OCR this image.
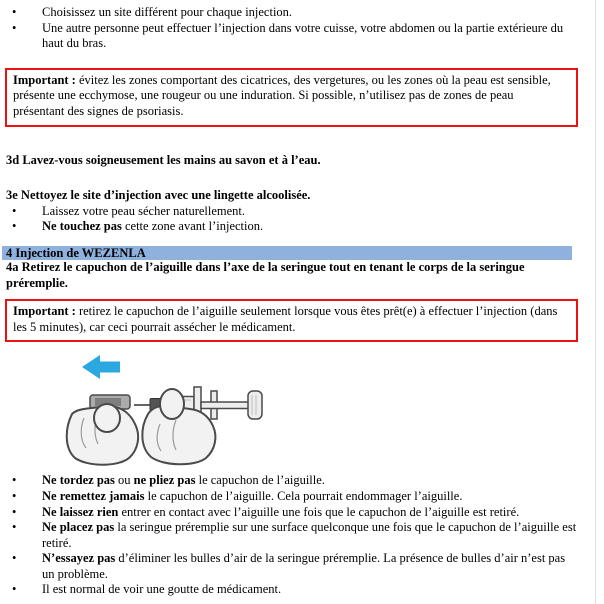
•	Choisissez un site différent pour chaque injection.
•	Une autre personne peut effectuer l’injection dans votre cuisse, votre abdomen ou la partie extérieure du haut du bras.
Important : évitez les zones comportant des cicatrices, des vergetures, ou les zones où la peau est sensible, présente une ecchymose, une rougeur ou une induration. Si possible, n’utilisez pas de zones de peau présentant des signes de psoriasis.
3d Lavez-vous soigneusement les mains au savon et à l’eau.
3e Nettoyez le site d’injection avec une lingette alcoolisée.
•	Laissez votre peau sécher naturellement.
•	Ne touchez pas cette zone avant l’injection.
4 Injection de WEZENLA
4a Retirez le capuchon de l’aiguille dans l’axe de la seringue tout en tenant le corps de la seringue préremplie.
Important : retirez le capuchon de l’aiguille seulement lorsque vous êtes prêt(e) à effectuer l’injection (dans les 5 minutes), car ceci pourrait assécher le médicament.
•	Ne tordez pas ou ne pliez pas le capuchon de l’aiguille.
•	Ne remettez jamais le capuchon de l’aiguille. Cela pourrait endommager l’aiguille.
•	Ne laissez rien entrer en contact avec l’aiguille une fois que le capuchon de l’aiguille est retiré.
•	Ne placez pas la seringue préremplie sur une surface quelconque une fois que le capuchon de l’aiguille est retiré.
•	N’essayez pas d’éliminer les bulles d’air de la seringue préremplie. La présence de bulles d’air n’est pas un problème.
•	Il est normal de voir une goutte de médicament.
